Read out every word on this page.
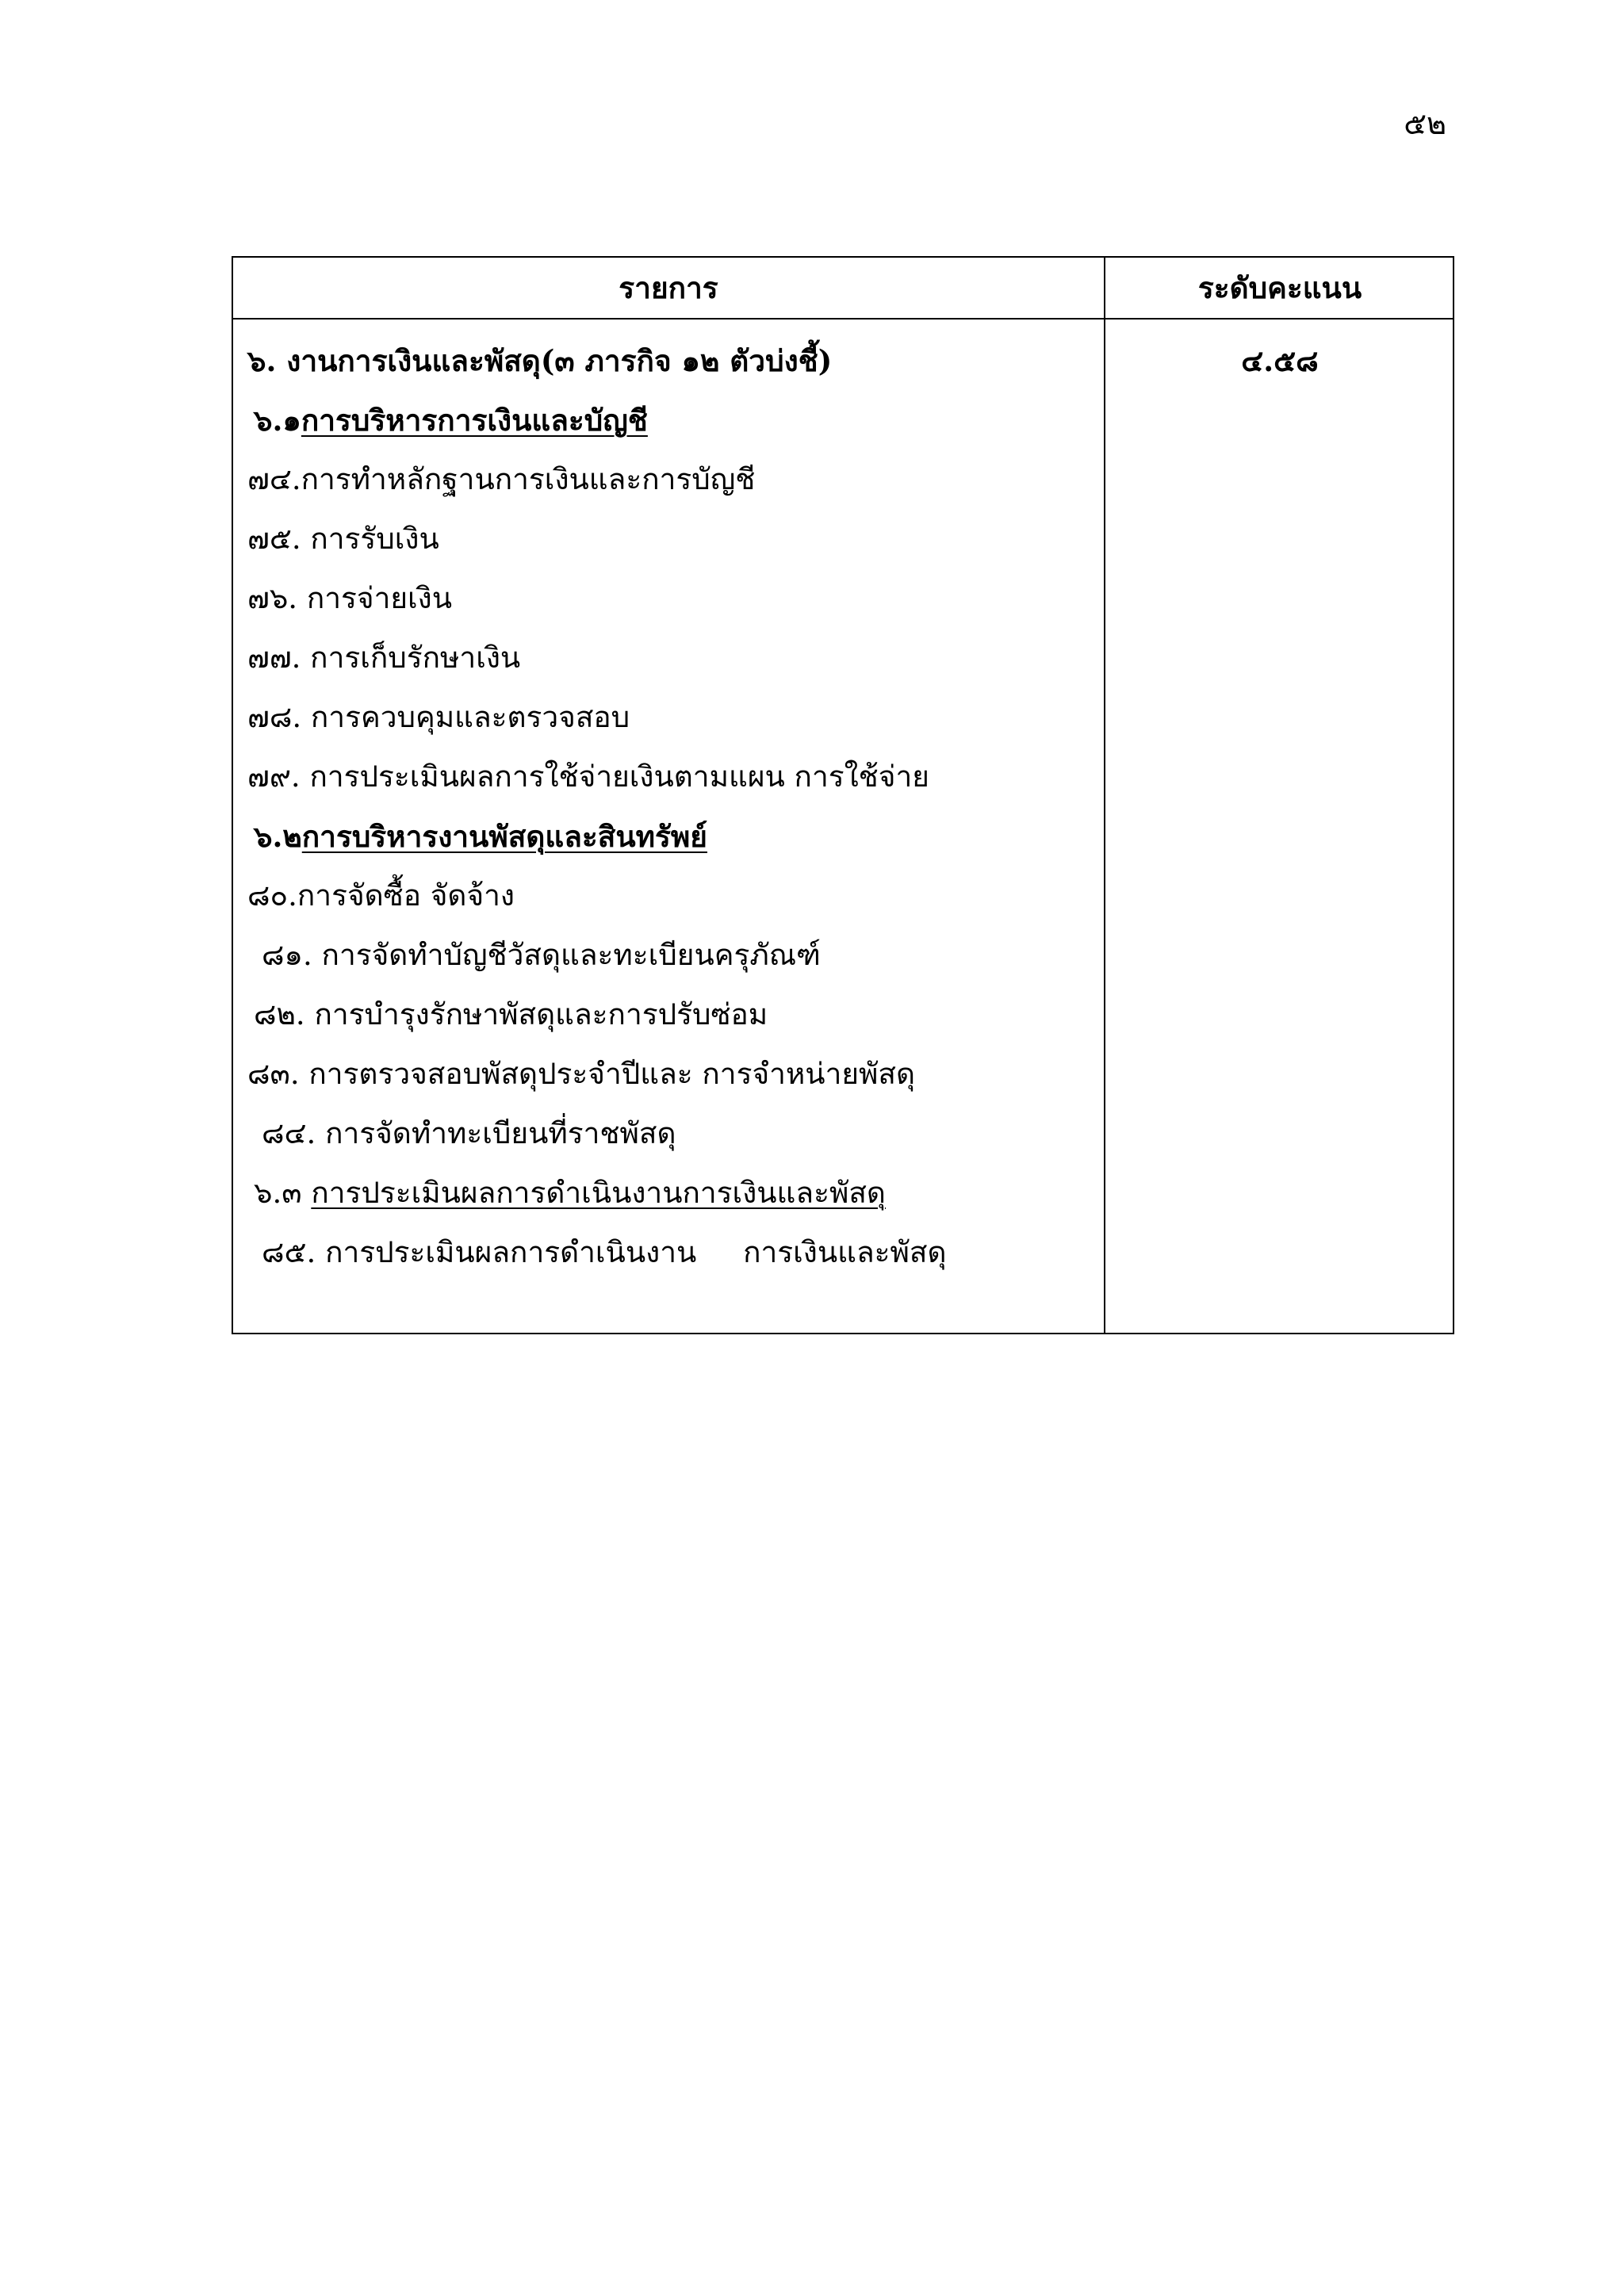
๕๒
รายการ	ระดับคะแนน
๔.๕๘
๖. งานการเงินและพัสดุ(๓ ภารกิจ ๑๒ ตัวบ่งชี้)
๖.๑การบริหารการเงินและบัญชี
๗๔.การทำหลักฐานการเงินและการบัญชี
๗๕. การรับเงิน
๗๖. การจ่ายเงิน
๗๗. การเก็บรักษาเงิน
๗๘. การควบคุมและตรวจสอบ
๗๙. การประเมินผลการใช้จ่ายเงินตามแผน การใช้จ่าย
๖.๒การบริหารงานพัสดุและสินทรัพย์
๘๐.การจัดซื้อ จัดจ้าง
๘๑. การจัดทำบัญชีวัสดุและทะเบียนครุภัณฑ์
๘๒. การบำรุงรักษาพัสดุและการปรับซ่อม
๘๓. การตรวจสอบพัสดุประจำปีและ การจำหน่ายพัสดุ
๘๔. การจัดทำทะเบียนที่ราชพัสดุ
๖.๓ การประเมินผลการดำเนินงานการเงินและพัสดุ
๘๕. การประเมินผลการดำเนินงาน     การเงินและพัสดุ
